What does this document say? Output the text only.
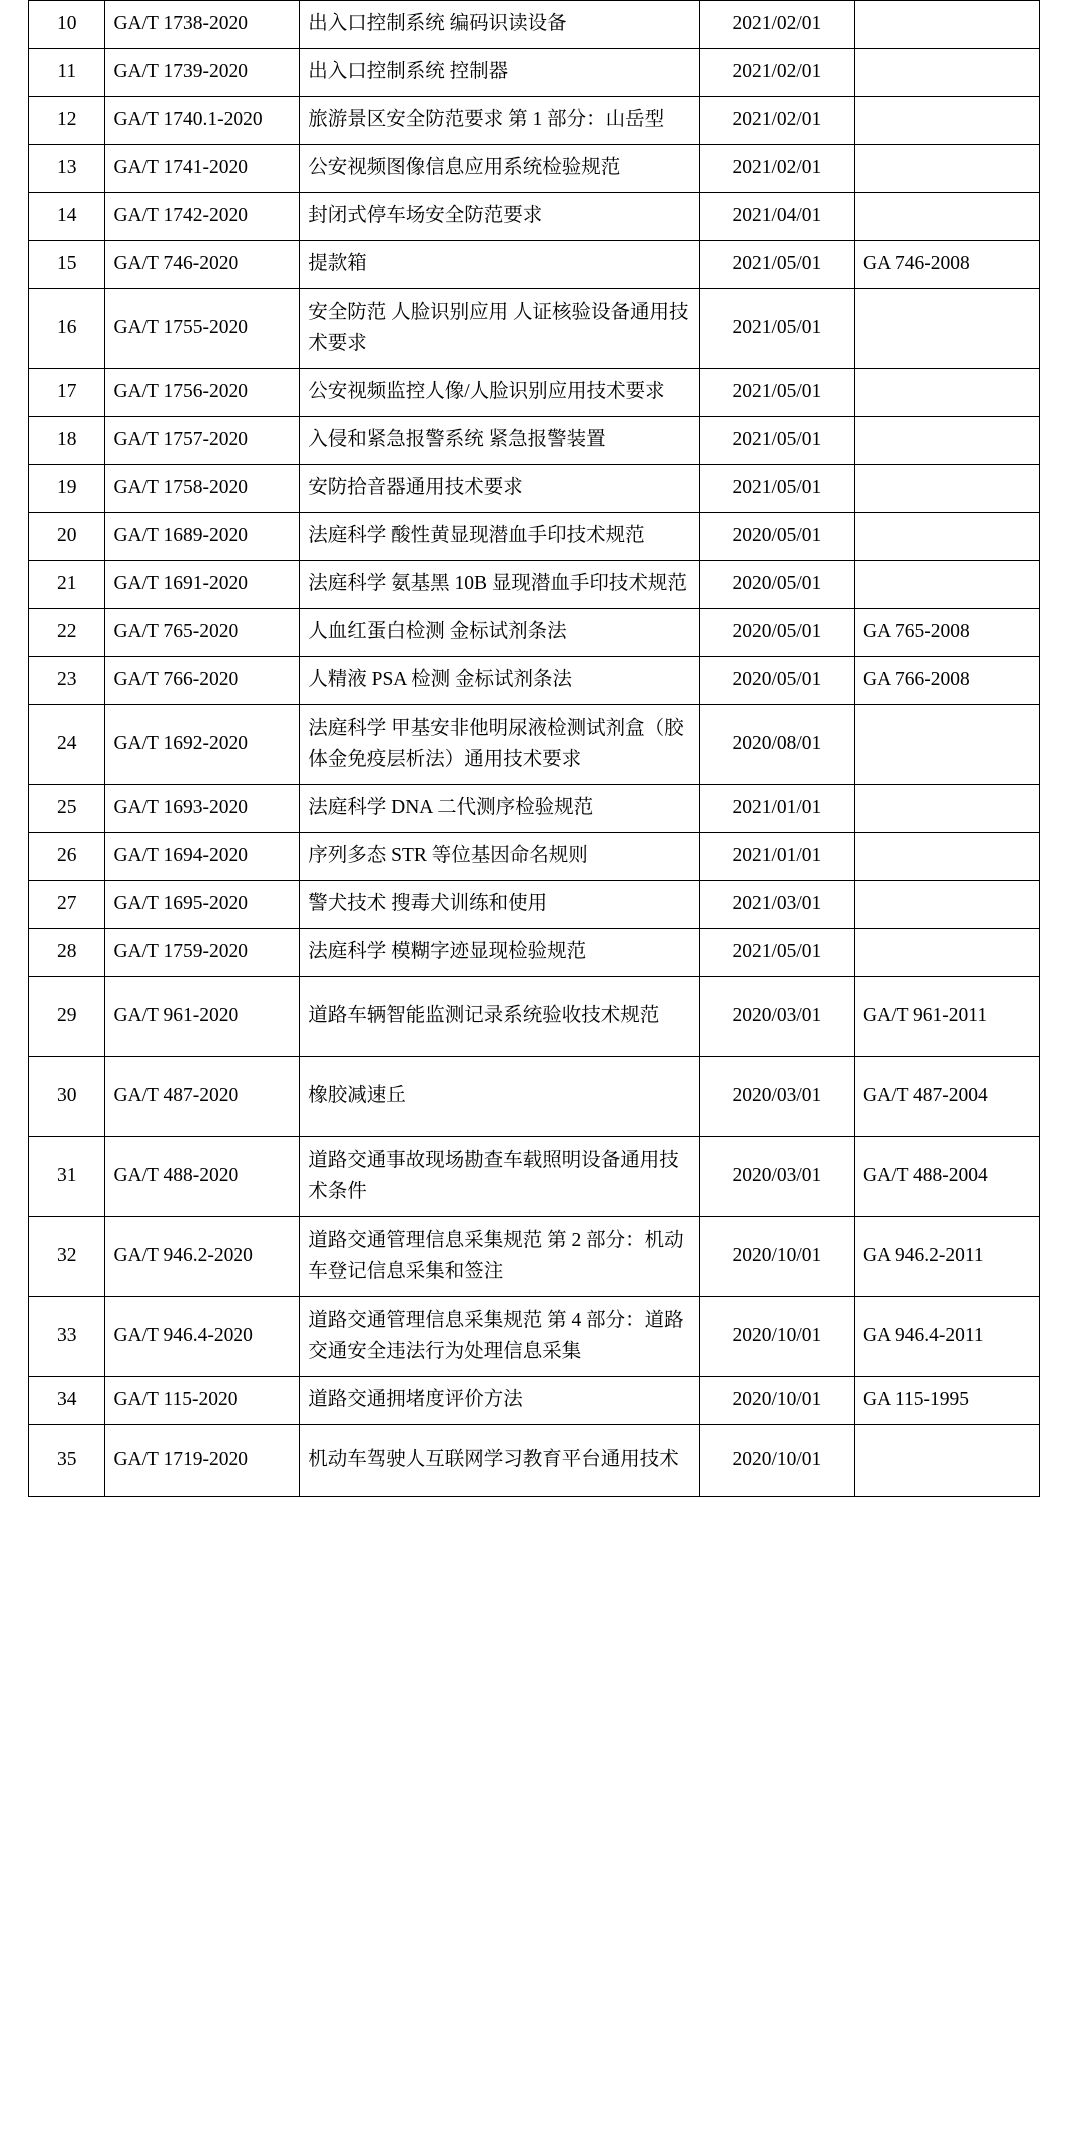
10	GA/T 1738-2020	出入口控制系统 编码识读设备	2021/02/01	
11	GA/T 1739-2020	出入口控制系统 控制器	2021/02/01	
12	GA/T 1740.1-2020	旅游景区安全防范要求 第 1 部分：山岳型	2021/02/01	
13	GA/T 1741-2020	公安视频图像信息应用系统检验规范	2021/02/01	
14	GA/T 1742-2020	封闭式停车场安全防范要求	2021/04/01	
15	GA/T 746-2020	提款箱	2021/05/01	GA 746-2008
16	GA/T 1755-2020	安全防范 人脸识别应用 人证核验设备通用技术要求	2021/05/01	
17	GA/T 1756-2020	公安视频监控人像/人脸识别应用技术要求	2021/05/01	
18	GA/T 1757-2020	入侵和紧急报警系统 紧急报警装置	2021/05/01	
19	GA/T 1758-2020	安防拾音器通用技术要求	2021/05/01	
20	GA/T 1689-2020	法庭科学 酸性黄显现潜血手印技术规范	2020/05/01	
21	GA/T 1691-2020	法庭科学 氨基黑 10B 显现潜血手印技术规范	2020/05/01	
22	GA/T 765-2020	人血红蛋白检测 金标试剂条法	2020/05/01	GA 765-2008
23	GA/T 766-2020	人精液 PSA 检测 金标试剂条法	2020/05/01	GA 766-2008
24	GA/T 1692-2020	法庭科学 甲基安非他明尿液检测试剂盒（胶体金免疫层析法）通用技术要求	2020/08/01	
25	GA/T 1693-2020	法庭科学 DNA 二代测序检验规范	2021/01/01	
26	GA/T 1694-2020	序列多态 STR 等位基因命名规则	2021/01/01	
27	GA/T 1695-2020	警犬技术 搜毒犬训练和使用	2021/03/01	
28	GA/T 1759-2020	法庭科学 模糊字迹显现检验规范	2021/05/01	
29	GA/T 961-2020	道路车辆智能监测记录系统验收技术规范	2020/03/01	GA/T 961-2011
30	GA/T 487-2020	橡胶减速丘	2020/03/01	GA/T 487-2004
31	GA/T 488-2020	道路交通事故现场勘查车载照明设备通用技术条件	2020/03/01	GA/T 488-2004
32	GA/T 946.2-2020	道路交通管理信息采集规范 第 2 部分：机动车登记信息采集和签注	2020/10/01	GA 946.2-2011
33	GA/T 946.4-2020	道路交通管理信息采集规范 第 4 部分：道路交通安全违法行为处理信息采集	2020/10/01	GA 946.4-2011
34	GA/T 115-2020	道路交通拥堵度评价方法	2020/10/01	GA 115-1995
35	GA/T 1719-2020	机动车驾驶人互联网学习教育平台通用技术	2020/10/01	
